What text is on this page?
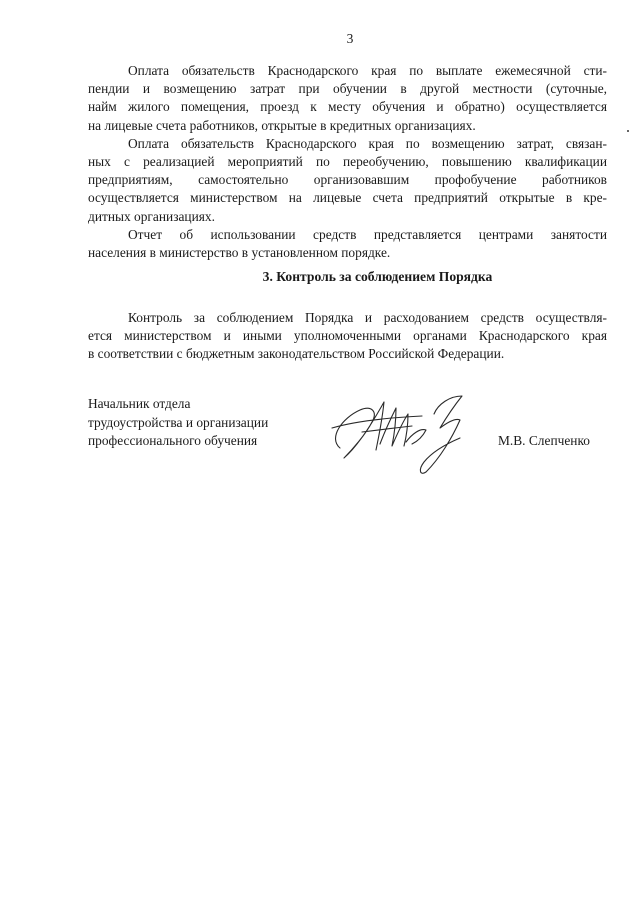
3

Оплата обязательств Краснодарского края по выплате ежемесячной сти-
пендии и возмещению затрат при обучении в другой местности (суточные,
найм жилого помещения, проезд к месту обучения и обратно) осуществляется
на лицевые счета работников, открытые в кредитных организациях.

Оплата обязательств Краснодарского края по возмещению затрат, связан-
ных с реализацией мероприятий по переобучению, повышению квалификации
предприятиям, самостоятельно организовавшим профобучение работников
осуществляется министерством на лицевые счета предприятий открытые в кре-
дитных организациях.

Отчет об использовании средств представляется центрами занятости
населения в министерство в установленном порядке.

3. Контроль за соблюдением Порядка

Контроль за соблюдением Порядка и расходованием средств осуществля-
ется министерством и иными уполномоченными органами Краснодарского края
в соответствии с бюджетным законодательством Российской Федерации.

Начальник отдела
трудоустройства и организации
профессионального обучения	М.В. Слепченко
